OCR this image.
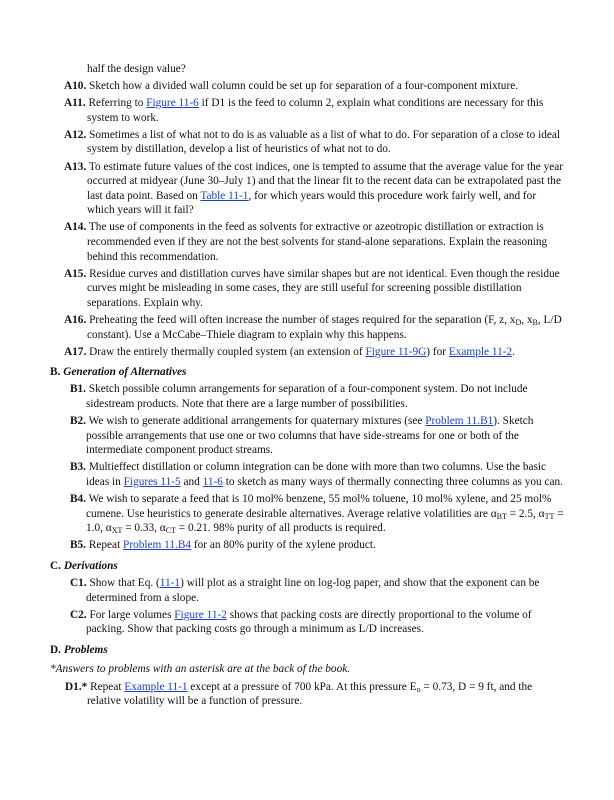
half the design value?

A10. Sketch how a divided wall column could be set up for separation of a four-component mixture.

A11. Referring to Figure 11-6 if D1 is the feed to column 2, explain what conditions are necessary for this system to work.

A12. Sometimes a list of what not to do is as valuable as a list of what to do. For separation of a close to ideal system by distillation, develop a list of heuristics of what not to do.

A13. To estimate future values of the cost indices, one is tempted to assume that the average value for the year occurred at midyear (June 30–July 1) and that the linear fit to the recent data can be extrapolated past the last data point. Based on Table 11-1, for which years would this procedure work fairly well, and for which years will it fail?

A14. The use of components in the feed as solvents for extractive or azeotropic distillation or extraction is recommended even if they are not the best solvents for stand-alone separations. Explain the reasoning behind this recommendation.

A15. Residue curves and distillation curves have similar shapes but are not identical. Even though the residue curves might be misleading in some cases, they are still useful for screening possible distillation separations. Explain why.

A16. Preheating the feed will often increase the number of stages required for the separation (F, z, $x_D$, $x_B$, L/D constant). Use a McCabe–Thiele diagram to explain why this happens.

A17. Draw the entirely thermally coupled system (an extension of Figure 11-9G) for Example 11-2.

B. Generation of Alternatives

B1. Sketch possible column arrangements for separation of a four-component system. Do not include sidestream products. Note that there are a large number of possibilities.

B2. We wish to generate additional arrangements for quaternary mixtures (see Problem 11.B1). Sketch possible arrangements that use one or two columns that have side-streams for one or both of the intermediate component product streams.

B3. Multieffect distillation or column integration can be done with more than two columns. Use the basic ideas in Figures 11-5 and 11-6 to sketch as many ways of thermally connecting three columns as you can.

B4. We wish to separate a feed that is 10 mol% benzene, 55 mol% toluene, 10 mol% xylene, and 25 mol% cumene. Use heuristics to generate desirable alternatives. Average relative volatilities are $\alpha_{BT} = 2.5$, $\alpha_{TT} = 1.0$, $\alpha_{XT} = 0.33$, $\alpha_{CT} = 0.21$. 98% purity of all products is required.

B5. Repeat Problem 11.B4 for an 80% purity of the xylene product.

C. Derivations

C1. Show that Eq. (11-1) will plot as a straight line on log-log paper, and show that the exponent can be determined from a slope.

C2. For large volumes Figure 11-2 shows that packing costs are directly proportional to the volume of packing. Show that packing costs go through a minimum as L/D increases.

D. Problems

*Answers to problems with an asterisk are at the back of the book.

D1.* Repeat Example 11-1 except at a pressure of 700 kPa. At this pressure $E_o = 0.73$, D = 9 ft, and the relative volatility will be a function of pressure.
